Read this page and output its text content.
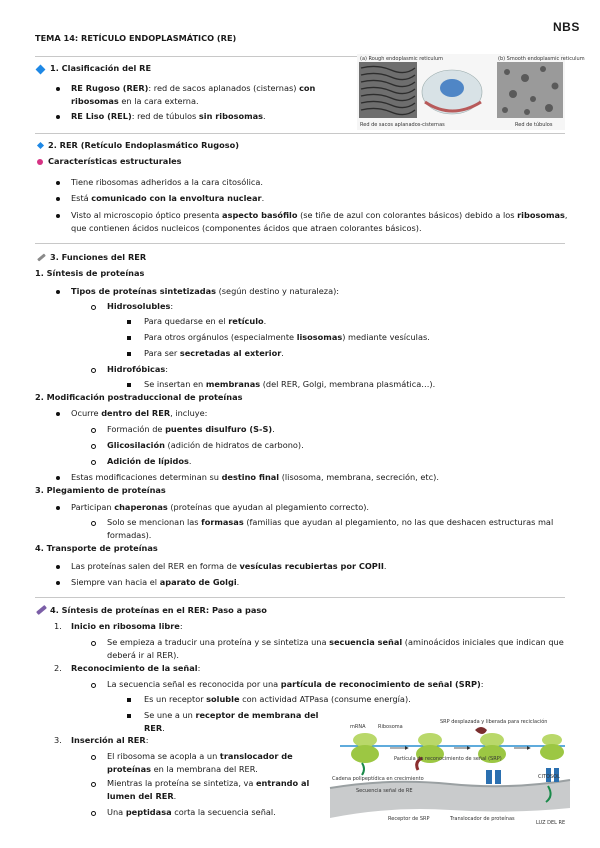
NBS
TEMA 14: RETÍCULO ENDOPLASMÁTICO (RE)
1. Clasificación del RE
RE Rugoso (RER): red de sacos aplanados (cisternas) con
ribosomas en la cara externa.
RE Liso (REL): red de túbulos sin ribosomas.
(a) Rough endoplasmic reticulum	(b) Smooth endoplasmic reticulum
Red de sacos aplanados-cisternas	Red de túbulos
2. RER (Retículo Endoplasmático Rugoso)
Características estructurales
Tiene ribosomas adheridos a la cara citosólica.
Está comunicado con la envoltura nuclear.
Visto al microscopio óptico presenta aspecto basófilo (se tiñe de azul con colorantes básicos) debido a los ribosomas,
que contienen ácidos nucleicos (componentes ácidos que atraen colorantes básicos).
3. Funciones del RER
1. Síntesis de proteínas
Tipos de proteínas sintetizadas (según destino y naturaleza):
Hidrosolubles:
Para quedarse en el retículo.
Para otros orgánulos (especialmente lisosomas) mediante vesículas.
Para ser secretadas al exterior.
Hidrofóbicas:
Se insertan en membranas (del RER, Golgi, membrana plasmática…).
2. Modificación postraduccional de proteínas
Ocurre dentro del RER, incluye:
Formación de puentes disulfuro (S-S).
Glicosilación (adición de hidratos de carbono).
Adición de lípidos.
Estas modificaciones determinan su destino final (lisosoma, membrana, secreción, etc).
3. Plegamiento de proteínas
Participan chaperonas (proteínas que ayudan al plegamiento correcto).
Solo se mencionan las formasas (familias que ayudan al plegamiento, no las que deshacen estructuras mal
formadas).
4. Transporte de proteínas
Las proteínas salen del RER en forma de vesículas recubiertas por COPII.
Siempre van hacia el aparato de Golgi.
4. Síntesis de proteínas en el RER: Paso a paso
1. Inicio en ribosoma libre:
Se empieza a traducir una proteína y se sintetiza una secuencia señal (aminoácidos iniciales que indican que
deberá ir al RER).
2. Reconocimiento de la señal:
La secuencia señal es reconocida por una partícula de reconocimiento de señal (SRP):
Es un receptor soluble con actividad ATPasa (consume energía).
Se une a un receptor de membrana del
RER.
3. Inserción al RER:
El ribosoma se acopla a un translocador de
proteínas en la membrana del RER.
Mientras la proteína se sintetiza, va entrando al
lumen del RER.
Una peptidasa corta la secuencia señal.
mRNA Ribosoma
SRP desplazada y liberada para reciclación
Partícula de reconocimiento de señal (SRP)
Cadena polipeptídica en crecimiento
Secuencia señal de RE
Receptor de SRP	Translocador de proteínas
CITOSOL
LUZ DEL RE
